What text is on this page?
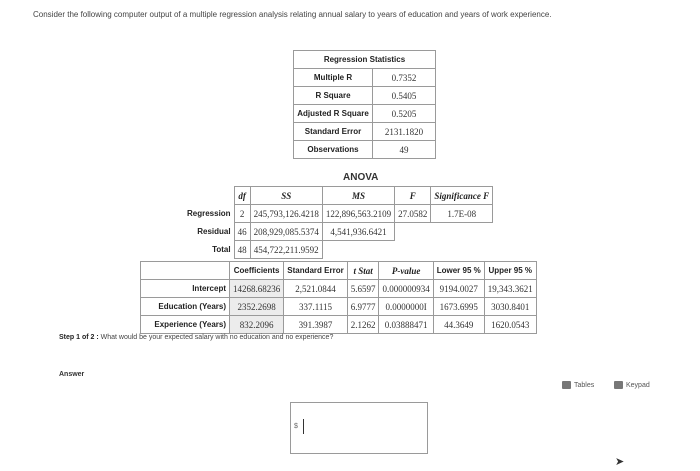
Consider the following computer output of a multiple regression analysis relating annual salary to years of education and years of work experience.
Regression Statistics	
Multiple R	0.7352
R Square	0.5405
Adjusted R Square	0.5205
Standard Error	2131.1820
Observations	49
ANOVA
	df	SS	MS	F	Significance F
Regression	2	245,793,126.4218	122,896,563.2109	27.0582	1.7E-08
Residual	46	208,929,085.5374	4,541,936.6421		
Total	48	454,722,211.9592			
	Coefficients	Standard Error	t Stat	P-value	Lower 95 %	Upper 95 %
Intercept	14268.68236	2,521.0844	5.6597	0.000000934	9194.0027	19,343.3621
Education (Years)	2352.2698	337.1115	6.9777	0.0000000I	1673.6995	3030.8401
Experience (Years)	832.2096	391.3987	2.1262	0.03888471	44.3649	1620.0543
Step 1 of 2 : What would be your expected salary with no education and no experience?
Answer
Tables	Keypad
$
➤
